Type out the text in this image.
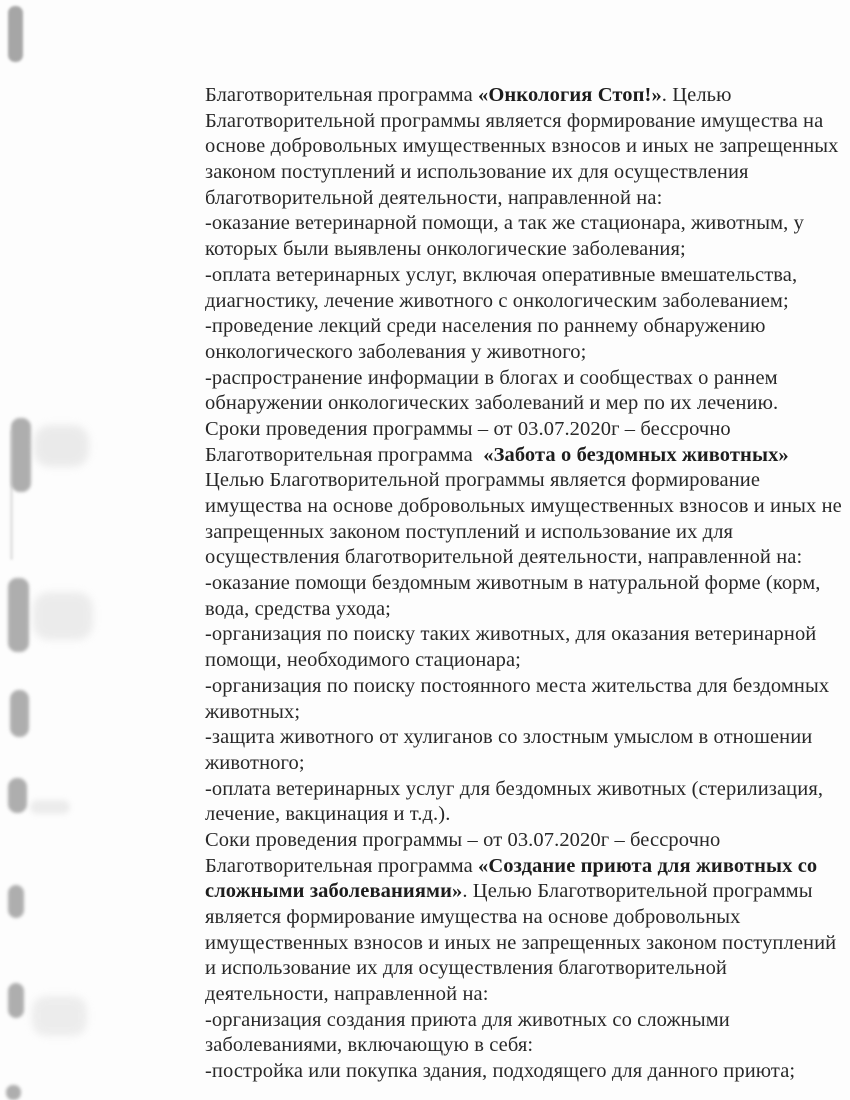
Благотворительная программа «Онкология Стоп!». Целью
Благотворительной программы является формирование имущества на
основе добровольных имущественных взносов и иных не запрещенных
законом поступлений и использование их для осуществления
благотворительной деятельности, направленной на:
-оказание ветеринарной помощи, а так же стационара, животным, у
которых были выявлены онкологические заболевания;
-оплата ветеринарных услуг, включая оперативные вмешательства,
диагностику, лечение животного с онкологическим заболеванием;
-проведение лекций среди населения по раннему обнаружению
онкологического заболевания у животного;
-распространение информации в блогах и сообществах о раннем
обнаружении онкологических заболеваний и мер по их лечению.
Сроки проведения программы – от 03.07.2020г – бессрочно
Благотворительная программа  «Забота о бездомных животных»
Целью Благотворительной программы является формирование
имущества на основе добровольных имущественных взносов и иных не
запрещенных законом поступлений и использование их для
осуществления благотворительной деятельности, направленной на:
-оказание помощи бездомным животным в натуральной форме (корм,
вода, средства ухода;
-организация по поиску таких животных, для оказания ветеринарной
помощи, необходимого стационара;
-организация по поиску постоянного места жительства для бездомных
животных;
-защита животного от хулиганов со злостным умыслом в отношении
животного;
-оплата ветеринарных услуг для бездомных животных (стерилизация,
лечение, вакцинация и т.д.).
Соки проведения программы – от 03.07.2020г – бессрочно
Благотворительная программа «Создание приюта для животных со
сложными заболеваниями». Целью Благотворительной программы
является формирование имущества на основе добровольных
имущественных взносов и иных не запрещенных законом поступлений
и использование их для осуществления благотворительной
деятельности, направленной на:
-организация создания приюта для животных со сложными
заболеваниями, включающую в себя:
-постройка или покупка здания, подходящего для данного приюта;
